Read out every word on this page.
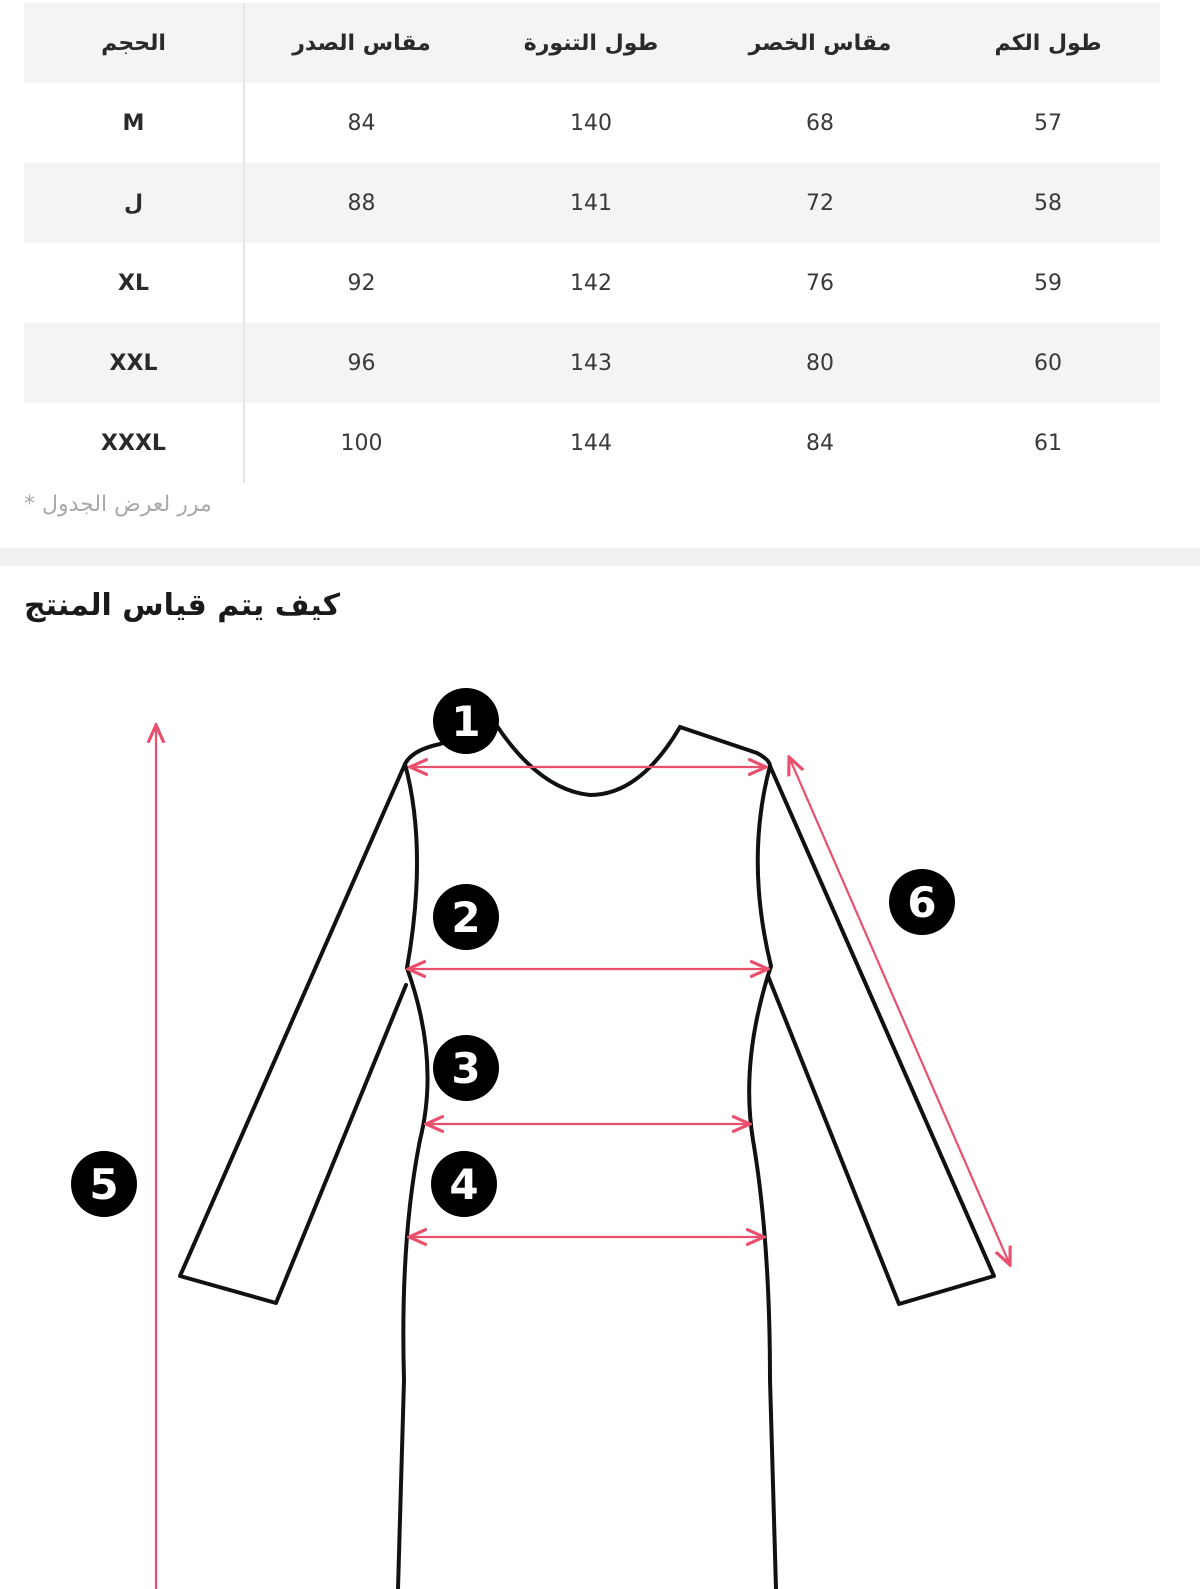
الحجم	مقاس الصدر	طول التنورة	مقاس الخصر	طول الكم
M	84	140	68	57
ل	88	141	72	58
XL	92	142	76	59
XXL	96	143	80	60
XXXL	100	144	84	61
مرر لعرض الجدول *
كيف يتم قياس المنتج
1
2
3
4
5
6
